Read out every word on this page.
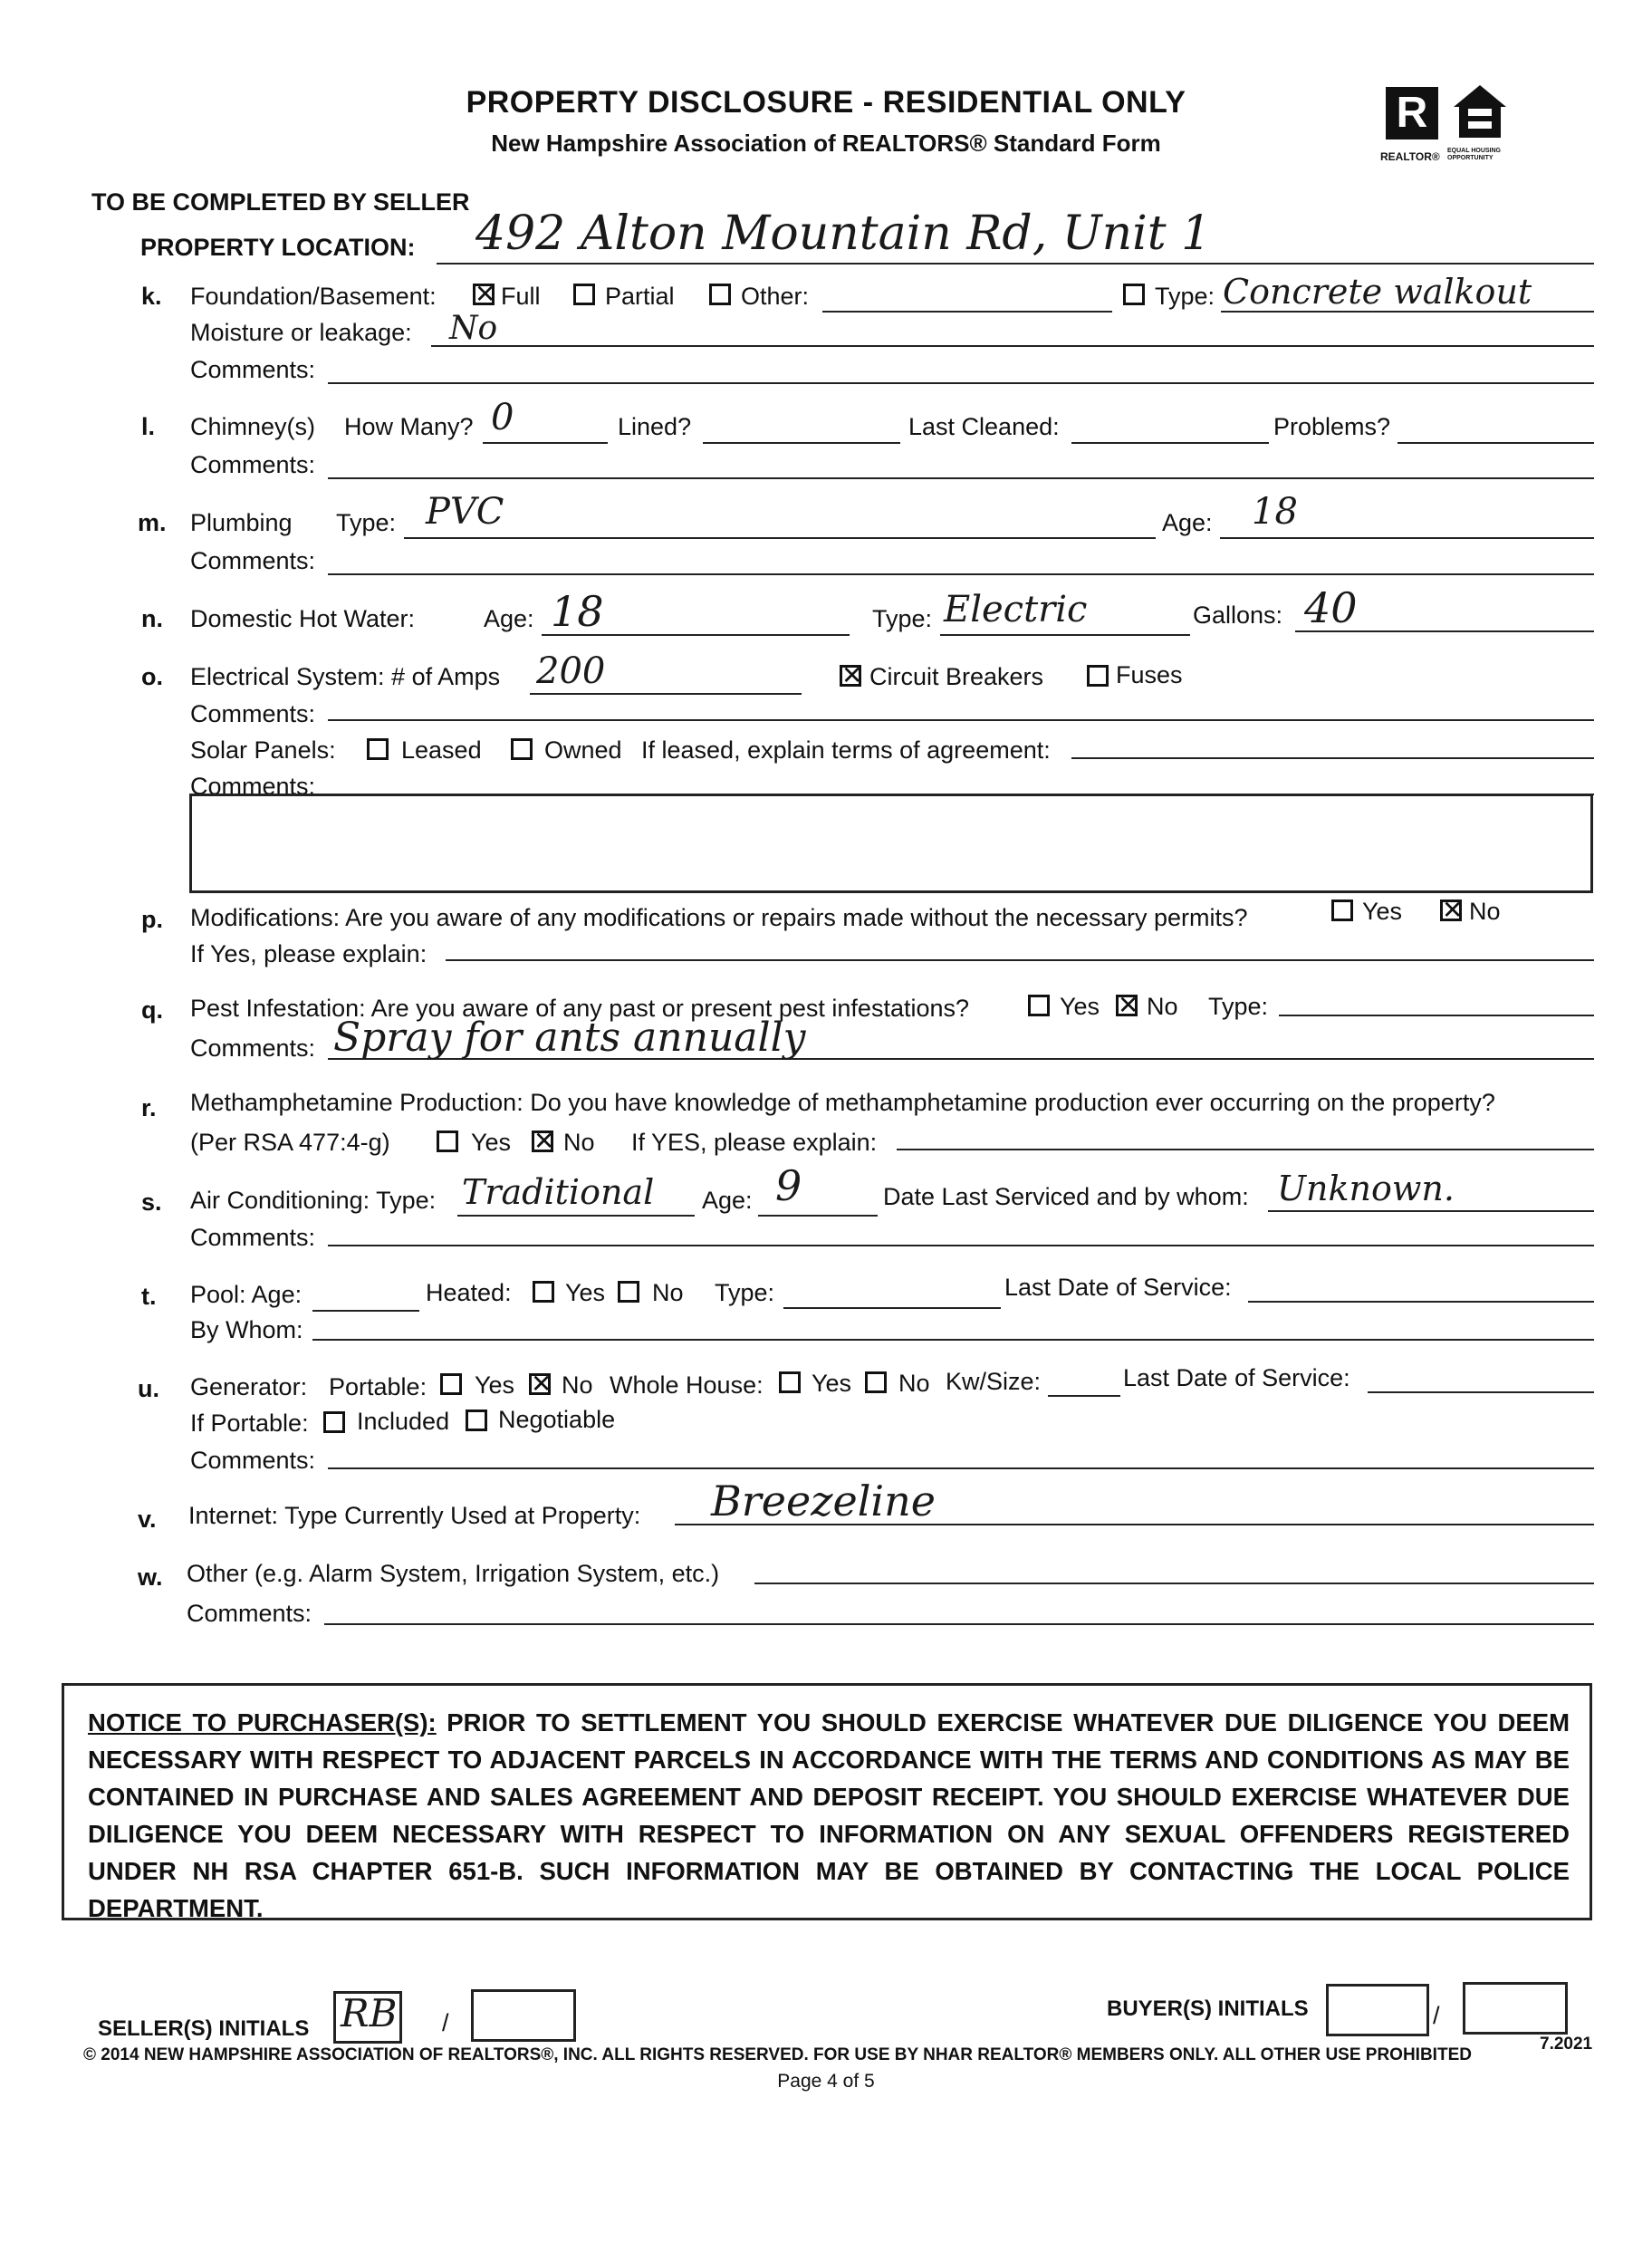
PROPERTY DISCLOSURE - RESIDENTIAL ONLY
New Hampshire Association of REALTORS® Standard Form
R
REALTOR® EQUAL HOUSING OPPORTUNITY
TO BE COMPLETED BY SELLER
PROPERTY LOCATION: 492 Alton Mountain Rd, Unit 1
k. Foundation/Basement: ✕	Full	Partial	Other:	Type: Concrete walkout
Moisture or leakage: No
Comments:
l. Chimney(s) How Many? 0	Lined?	Last Cleaned:	Problems?
Comments:
m. Plumbing Type: PVC	Age: 18
Comments:
n. Domestic Hot Water:	Age: 18	Type: Electric	Gallons: 40
o. Electrical System: # of Amps 200 ✕	Circuit Breakers	Fuses
Comments:
Solar Panels:	Leased	Owned If leased, explain terms of agreement:
Comments:
p. Modifications: Are you aware of any modifications or repairs made without the necessary permits?	Yes ✕	No
If Yes, please explain:
q. Pest Infestation: Are you aware of any past or present pest infestations?	Yes ✕ No Type:
Comments: Spray for ants annually
r. Methamphetamine Production: Do you have knowledge of methamphetamine production ever occurring on the property?
(Per RSA 477:4-g)	Yes ✕ No If YES, please explain:
s. Air Conditioning: Type: Traditional Age: 9	Date Last Serviced and by whom: Unknown.
Comments:
t. Pool: Age:	Heated: Yes No Type:	Last Date of Service:
By Whom:
u. Generator: Portable: Yes ✕ No Whole House: Yes No Kw/Size:	Last Date of Service:
If Portable: Included Negotiable
Comments:
v. Internet: Type Currently Used at Property: Breezeline
w. Other (e.g. Alarm System, Irrigation System, etc.)
Comments:
NOTICE TO PURCHASER(S): PRIOR TO SETTLEMENT YOU SHOULD EXERCISE WHATEVER DUE DILIGENCE YOU DEEM NECESSARY WITH RESPECT TO ADJACENT PARCELS IN ACCORDANCE WITH THE TERMS AND CONDITIONS AS MAY BE CONTAINED IN PURCHASE AND SALES AGREEMENT AND DEPOSIT RECEIPT. YOU SHOULD EXERCISE WHATEVER DUE DILIGENCE YOU DEEM NECESSARY WITH RESPECT TO INFORMATION ON ANY SEXUAL OFFENDERS REGISTERED UNDER NH RSA CHAPTER 651-B. SUCH INFORMATION MAY BE OBTAINED BY CONTACTING THE LOCAL POLICE DEPARTMENT.
SELLER(S) INITIALS RB /
BUYER(S) INITIALS	/
© 2014 NEW HAMPSHIRE ASSOCIATION OF REALTORS®, INC. ALL RIGHTS RESERVED. FOR USE BY NHAR REALTOR® MEMBERS ONLY. ALL OTHER USE PROHIBITED
7.2021
Page 4 of 5
